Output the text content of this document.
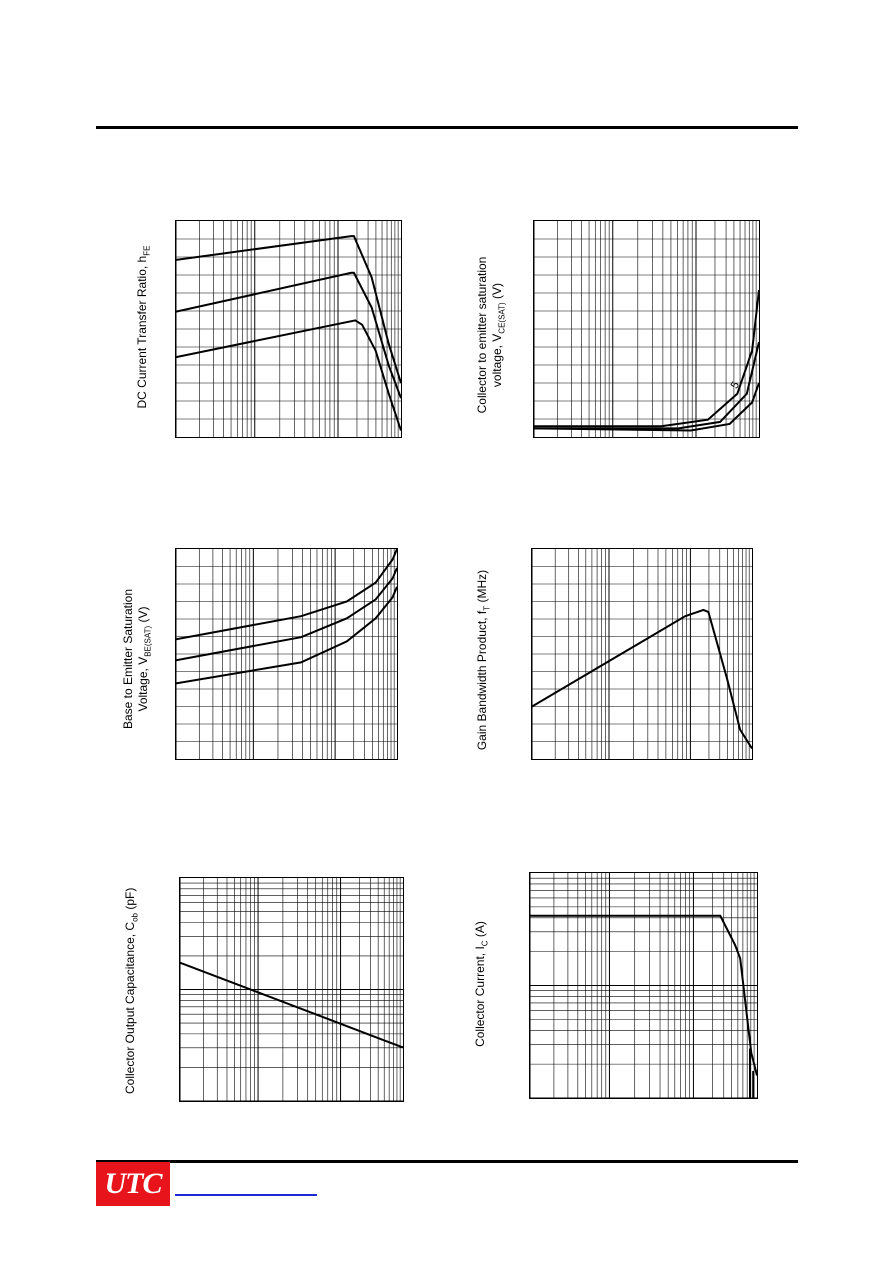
DC Current Transfer Ratio, $h_{FE}$
Collector to emitter saturation voltage, $V_{CE(SAT)}$ (V)
5
Base to Emitter Saturation Voltage, $V_{BE(SAT)}$ (V)	Gain Bandwidth Product, $f_T$ (MHz)
Collector Output Capacitance, $C_{ob}$ (pF)
Collector Current, $I_C$ (A)
UTC
